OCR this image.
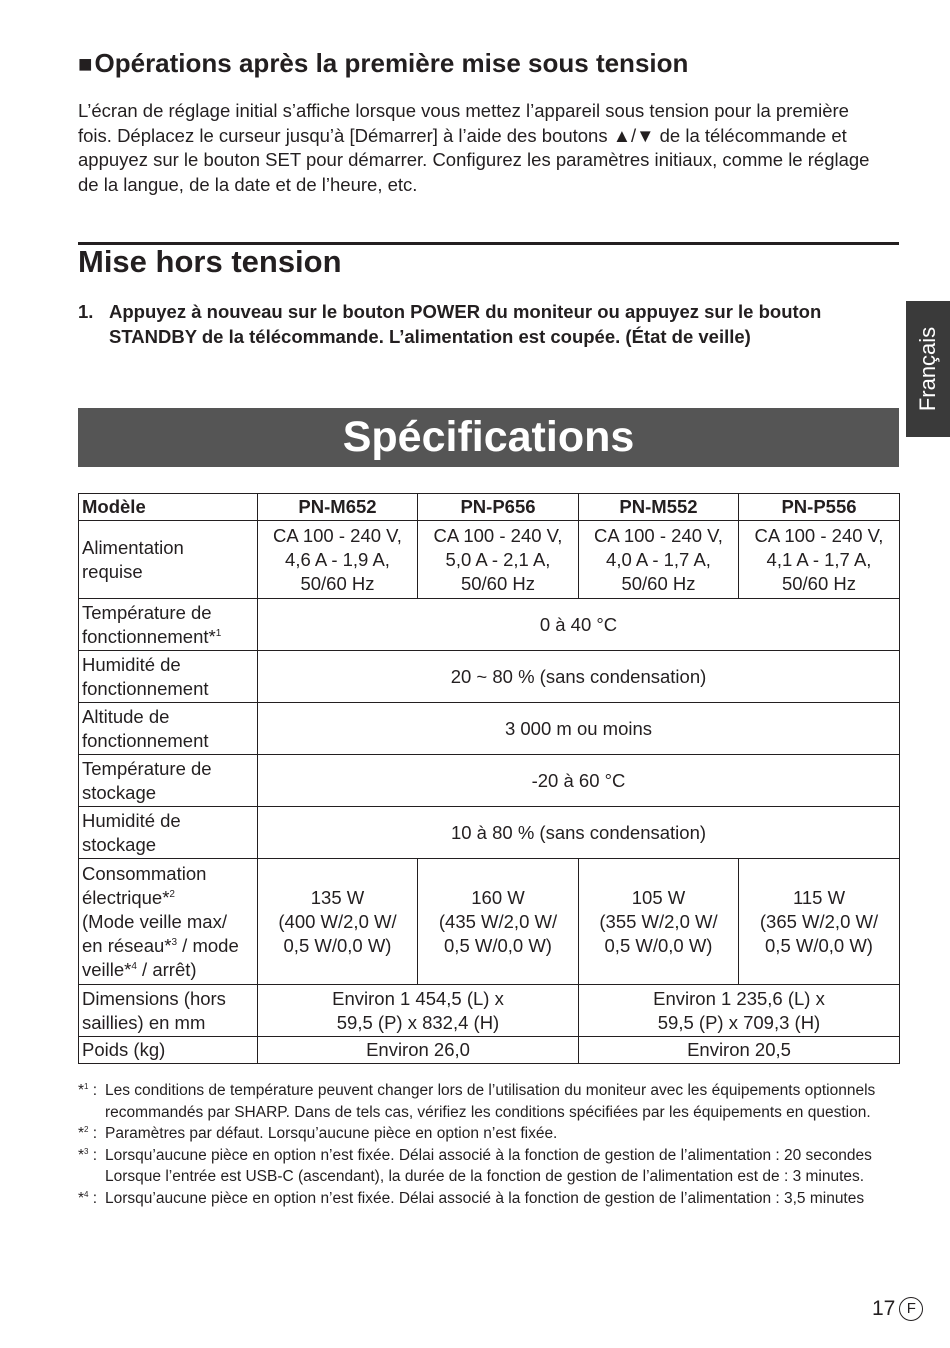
■Opérations après la première mise sous tension
L’écran de réglage initial s’affiche lorsque vous mettez l’appareil sous tension pour la première fois. Déplacez le curseur jusqu’à [Démarrer] à l’aide des boutons ▲/▼ de la télécommande et appuyez sur le bouton SET pour démarrer. Configurez les paramètres initiaux, comme le réglage de la langue, de la date et de l’heure, etc.
Mise hors tension
1. Appuyez à nouveau sur le bouton POWER du moniteur ou appuyez sur le bouton STANDBY de la télécommande. L’alimentation est coupée. (État de veille)	Français
Spécifications
Modèle	PN-M652	PN-P656	PN-M552	PN-P556

Alimentation
requise	CA 100 - 240 V,
4,6 A - 1,9 A,
50/60 Hz	CA 100 - 240 V,
5,0 A - 2,1 A,
50/60 Hz	CA 100 - 240 V,
4,0 A - 1,7 A,
50/60 Hz	CA 100 - 240 V,
4,1 A - 1,7 A,
50/60 Hz

Température de
fonctionnement*$^1$	0 à 40 °C			

Humidité de
fonctionnement	20 ~ 80 % (sans condensation)			

Altitude de
fonctionnement	3 000 m ou moins			

Température de
stockage	-20 à 60 °C			

Humidité de
stockage	10 à 80 % (sans condensation)			

Consommation
électrique*$^2$
(Mode veille max/
en réseau*$^3$ / mode
veille*$^4$ / arrêt)	135 W
(400 W/2,0 W/
0,5 W/0,0 W)	160 W
(435 W/2,0 W/
0,5 W/0,0 W)	105 W
(355 W/2,0 W/
0,5 W/0,0 W)	115 W
(365 W/2,0 W/
0,5 W/0,0 W)

Dimensions (hors
saillies) en mm	Environ 1 454,5 (L) x
59,5 (P) x 832,4 (H)		Environ 1 235,6 (L) x
59,5 (P) x 709,3 (H)	

Poids (kg)	Environ 26,0		Environ 20,5	
*$^1$ : Les conditions de température peuvent changer lors de l’utilisation du moniteur avec les équipements optionnels recommandés par SHARP. Dans de tels cas, vérifiez les conditions spécifiées par les équipements en question.
*$^2$ : Paramètres par défaut. Lorsqu’aucune pièce en option n’est fixée.
*$^3$ : Lorsqu’aucune pièce en option n’est fixée. Délai associé à la fonction de gestion de l’alimentation : 20 secondes
Lorsque l’entrée est USB-C (ascendant), la durée de la fonction de gestion de l’alimentation est de : 3 minutes.
*$^4$ : Lorsqu’aucune pièce en option n’est fixée. Délai associé à la fonction de gestion de l’alimentation : 3,5 minutes
17 F
